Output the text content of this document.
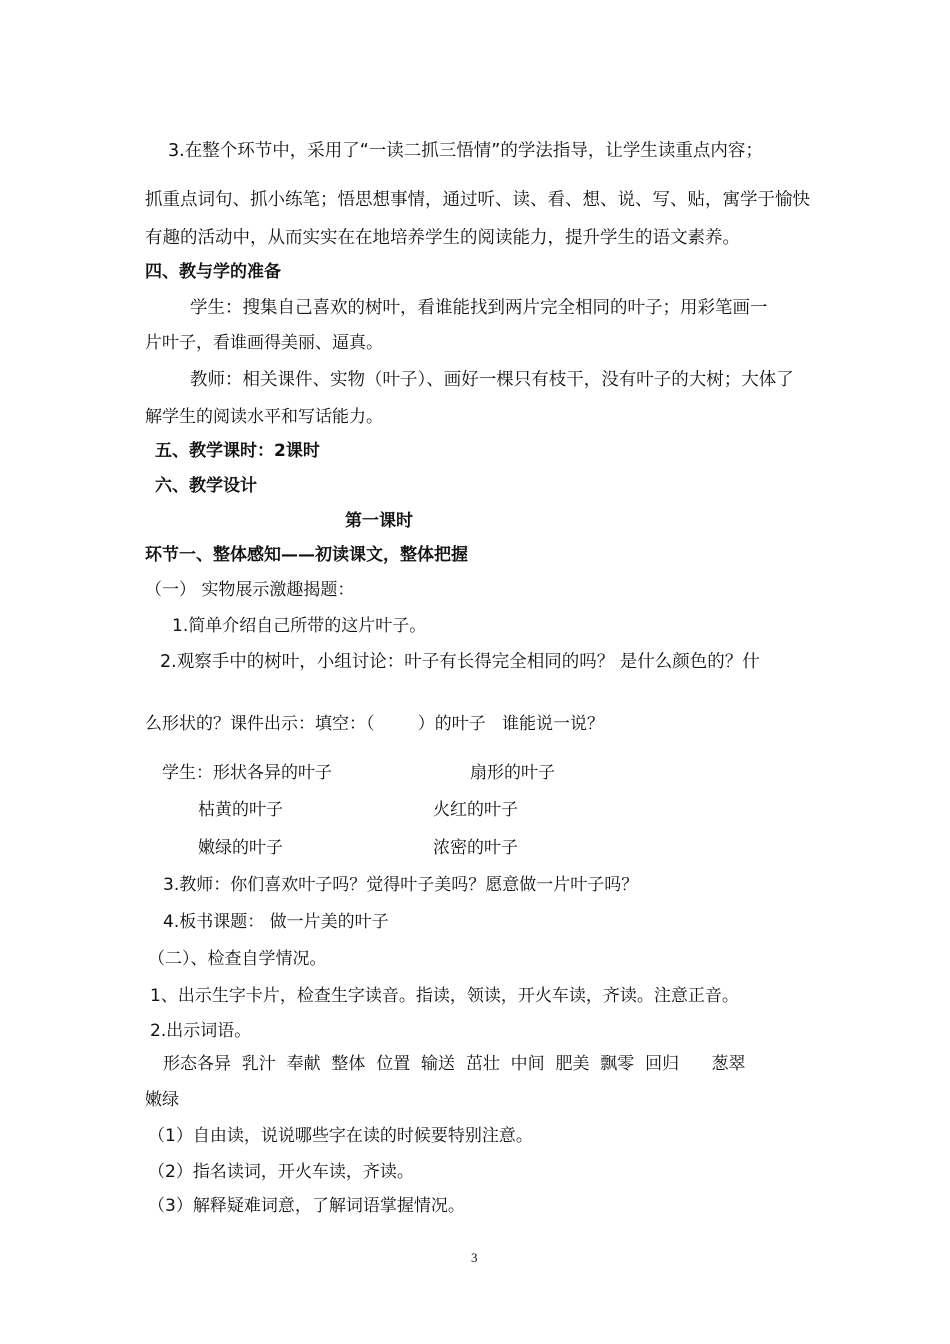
3.在整个环节中，采用了“一读二抓三悟情”的学法指导，让学生读重点内容；
抓重点词句、抓小练笔；悟思想事情，通过听、读、看、想、说、写、贴，寓学于愉快
有趣的活动中，从而实实在在地培养学生的阅读能力，提升学生的语文素养。
四、教与学的准备
学生：搜集自己喜欢的树叶，看谁能找到两片完全相同的叶子；用彩笔画一
片叶子，看谁画得美丽、逼真。
教师：相关课件、实物（叶子）、画好一棵只有枝干，没有叶子的大树；大体了
解学生的阅读水平和写话能力。
五、教学课时：2课时
六、教学设计
第一课时
环节一、整体感知——初读课文，整体把握
（一） 实物展示激趣揭题：
1.简单介绍自己所带的这片叶子。
2.观察手中的树叶，小组讨论：叶子有长得完全相同的吗？ 是什么颜色的？什
么形状的？课件出示：填空：（        ）的叶子   谁能说一说？
学生：形状各异的叶子	扇形的叶子
枯黄的叶子	火红的叶子
嫩绿的叶子	浓密的叶子
3.教师：你们喜欢叶子吗？觉得叶子美吗？愿意做一片叶子吗？
4.板书课题： 做一片美的叶子
（二）、检查自学情况。
1、出示生字卡片，检查生字读音。指读，领读，开火车读，齐读。注意正音。
2.出示词语。
形态各异  乳汁  奉献  整体  位置  输送  茁壮  中间  肥美  飘零  回归      葱翠
嫩绿
（1）自由读，说说哪些字在读的时候要特别注意。
（2）指名读词，开火车读，齐读。
（3）解释疑难词意，了解词语掌握情况。
3
